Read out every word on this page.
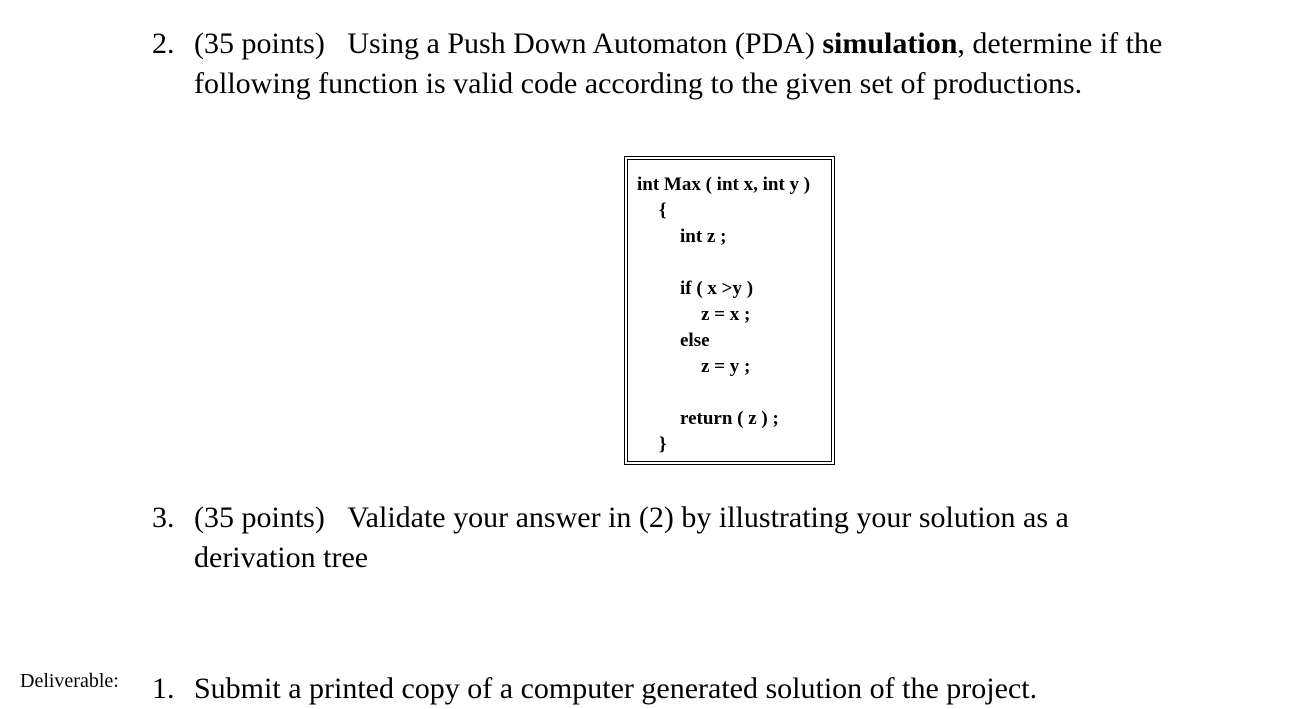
2. (35 points) Using a Push Down Automaton (PDA) simulation, determine if the
following function is valid code according to the given set of productions.
int Max ( int x, int y )
{
int z ;
if ( x >y )
z = x ;
else
z = y ;
return ( z ) ;
}
3. (35 points) Validate your answer in (2) by illustrating your solution as a
derivation tree
Deliverable: 1. Submit a printed copy of a computer generated solution of the project.
